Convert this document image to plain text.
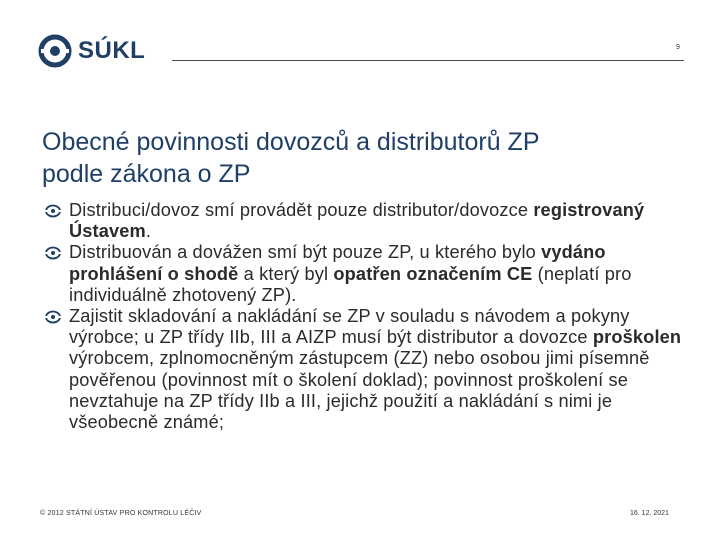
SÚKL	9
Obecné povinnosti dovozců a distributorů ZP
podle zákona o ZP
Distribuci/dovoz smí provádět pouze distributor/dovozce registrovaný Ústavem.
Distribuován a dovážen smí být pouze ZP, u kterého bylo vydáno prohlášení o shodě a který byl opatřen označením CE (neplatí pro individuálně zhotovený ZP).
Zajistit skladování a nakládání se ZP v souladu s návodem a pokyny výrobce; u ZP třídy IIb, III a AIZP musí být distributor a dovozce proškolen výrobcem, zplnomocněným zástupcem (ZZ) nebo osobou jimi písemně pověřenou (povinnost mít o školení doklad); povinnost proškolení se nevztahuje na ZP třídy IIb a III, jejichž použití a nakládání s nimi je všeobecně známé;
© 2012 STÁTNÍ ÚSTAV PRO KONTROLU LÉČIV	16. 12. 2021
